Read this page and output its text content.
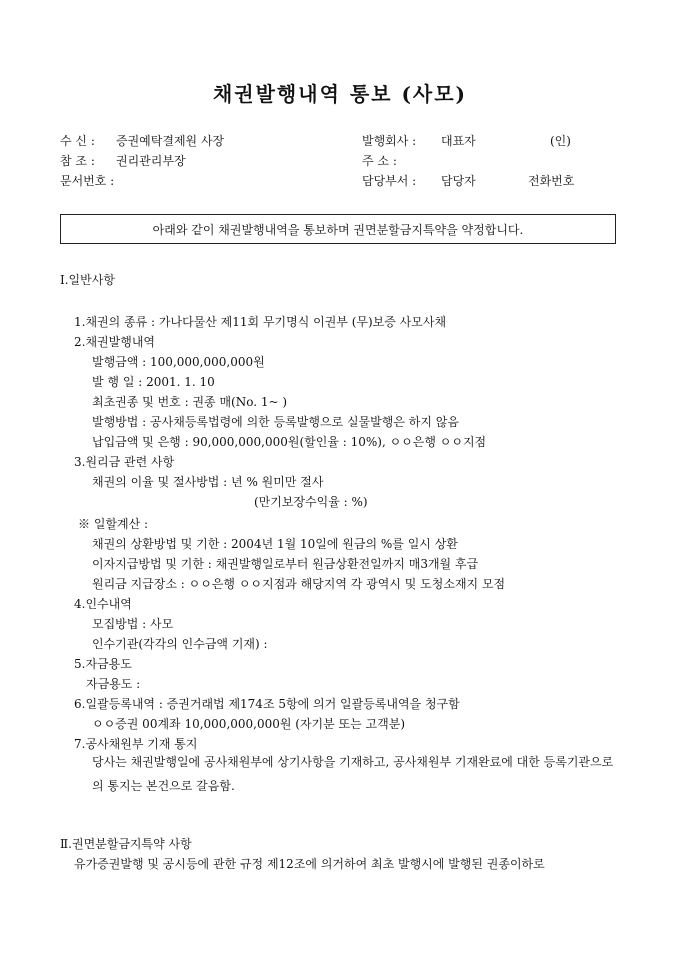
채권발행내역 통보 (사모)
수 신 : 증권예탁결제원 사장
참 조 : 권리관리부장
문서번호 :
발행회사 : 대표자	(인)
주 소 :
담당부서 : 담당자	전화번호
아래와 같이 채권발행내역을 통보하며 권면분할금지특약을 약정합니다.
Ⅰ.일반사항
1.채권의 종류 : 가나다물산 제11회 무기명식 이권부 (무)보증 사모사채
2.채권발행내역
발행금액 : 100,000,000,000원
발 행 일 : 2001. 1. 10
최초권종 및 번호 : 권종 매(No. 1~ )
발행방법 : 공사채등록법령에 의한 등록발행으로 실물발행은 하지 않음
납입금액 및 은행 : 90,000,000,000원(할인율 : 10%), ㅇㅇ은행 ㅇㅇ지점
3.원리금 관련 사항
채권의 이율 및 절사방법 : 년 % 원미만 절사
(만기보장수익율 : %)
※ 일할계산 :
채권의 상환방법 및 기한 : 2004년 1월 10일에 원금의 %를 일시 상환
이자지급방법 및 기한 : 채권발행일로부터 원금상환전일까지 매3개월 후급
원리금 지급장소 : ㅇㅇ은행 ㅇㅇ지점과 해당지역 각 광역시 및 도청소재지 모점
4.인수내역
모집방법 : 사모
인수기관(각각의 인수금액 기재) :
5.자금용도
자금용도 :
6.일괄등록내역 : 증권거래법 제174조 5항에 의거 일괄등록내역을 청구함
ㅇㅇ증권 00계좌 10,000,000,000원 (자기분 또는 고객분)
7.공사채원부 기재 통지
당사는 채권발행일에 공사채원부에 상기사항을 기재하고, 공사채원부 기재완료에 대한 등록기관으로의 통지는 본건으로 갈음함.
Ⅱ.권면분할금지특약 사항
유가증권발행 및 공시등에 관한 규정 제12조에 의거하여 최초 발행시에 발행된 권종이하로
